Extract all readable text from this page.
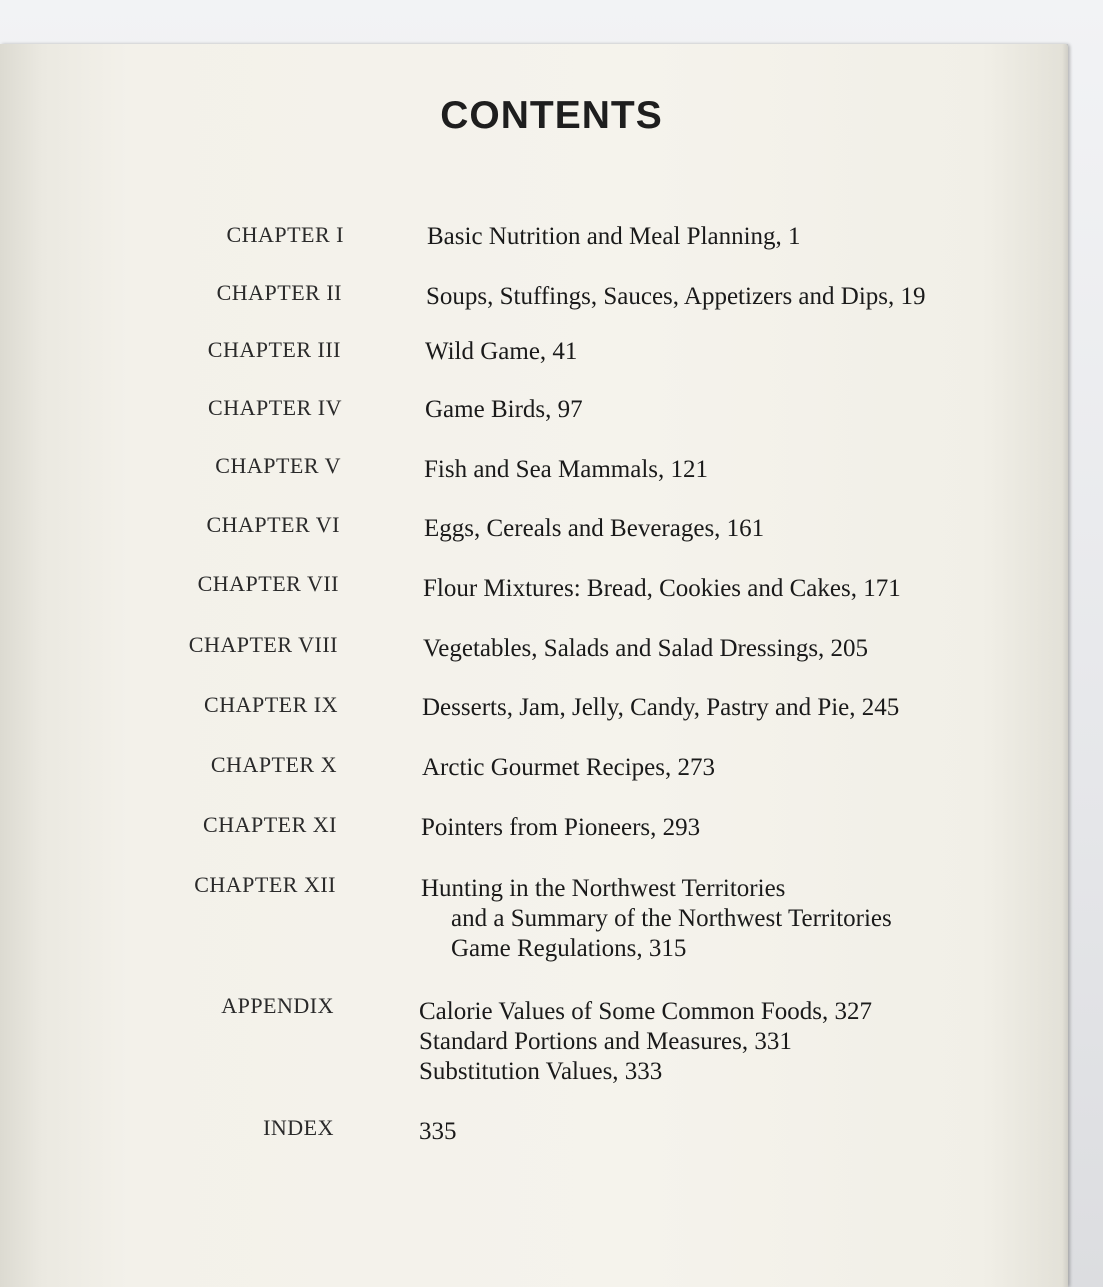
CONTENTS
CHAPTER I	Basic Nutrition and Meal Planning, 1
CHAPTER II	Soups, Stuffings, Sauces, Appetizers and Dips, 19
CHAPTER III	Wild Game, 41
CHAPTER IV	Game Birds, 97
CHAPTER V	Fish and Sea Mammals, 121
CHAPTER VI	Eggs, Cereals and Beverages, 161
CHAPTER VII	Flour Mixtures: Bread, Cookies and Cakes, 171
CHAPTER VIII	Vegetables, Salads and Salad Dressings, 205
CHAPTER IX	Desserts, Jam, Jelly, Candy, Pastry and Pie, 245
CHAPTER X	Arctic Gourmet Recipes, 273
CHAPTER XI	Pointers from Pioneers, 293
CHAPTER XII	Hunting in the Northwest Territories
and a Summary of the Northwest Territories
Game Regulations, 315
APPENDIX	Calorie Values of Some Common Foods, 327
Standard Portions and Measures, 331
Substitution Values, 333
INDEX	335
